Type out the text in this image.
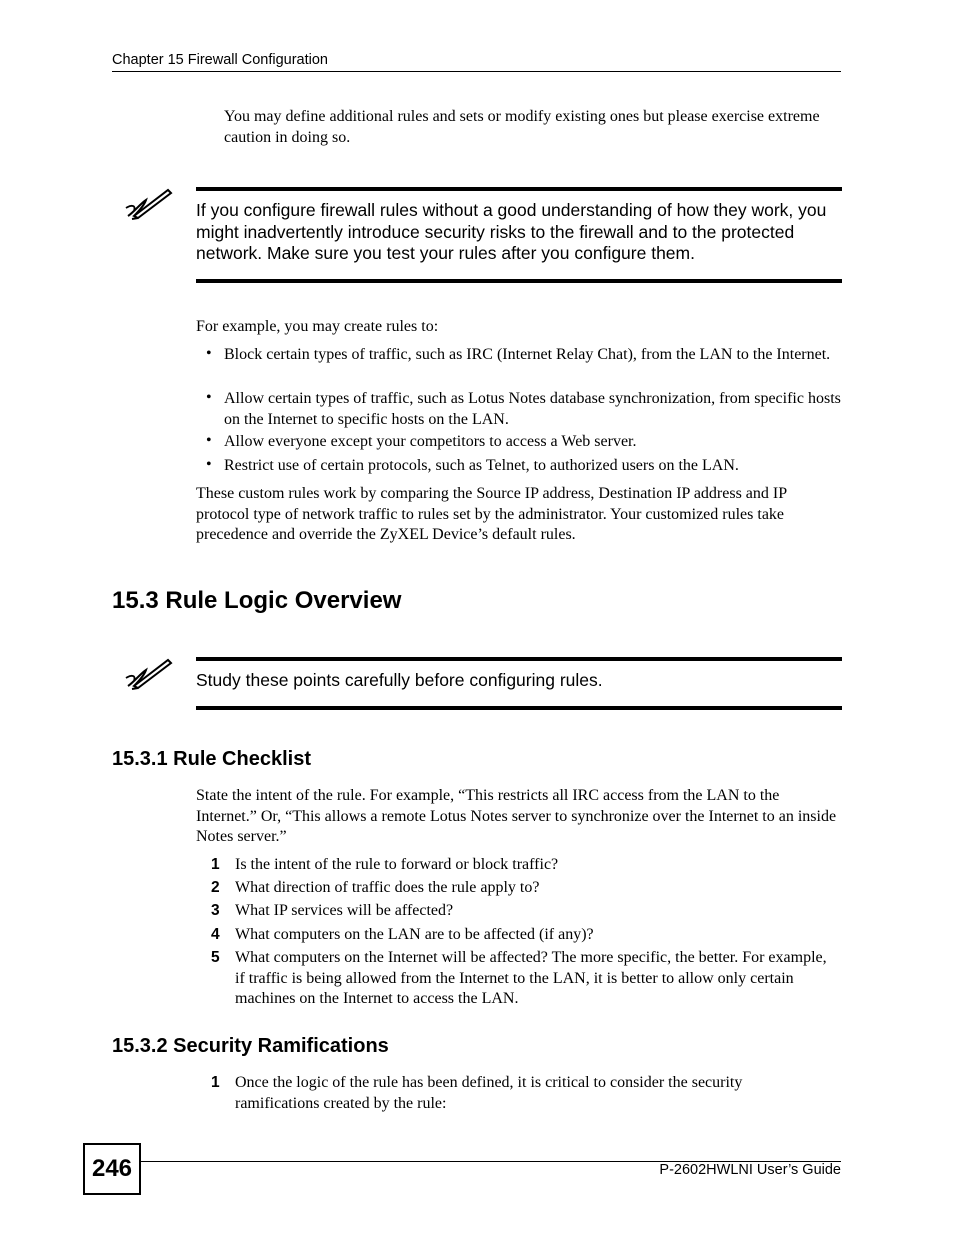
Chapter 15 Firewall Configuration
You may define additional rules and sets or modify existing ones but please exercise extreme caution in doing so.
If you configure firewall rules without a good understanding of how they work, you might inadvertently introduce security risks to the firewall and to the protected network. Make sure you test your rules after you configure them.
For example, you may create rules to:
• Block certain types of traffic, such as IRC (Internet Relay Chat), from the LAN to the Internet.
• Allow certain types of traffic, such as Lotus Notes database synchronization, from specific hosts on the Internet to specific hosts on the LAN.
• Allow everyone except your competitors to access a Web server.
• Restrict use of certain protocols, such as Telnet, to authorized users on the LAN.
These custom rules work by comparing the Source IP address, Destination IP address and IP protocol type of network traffic to rules set by the administrator. Your customized rules take precedence and override the ZyXEL Device’s default rules.
15.3 Rule Logic Overview
Study these points carefully before configuring rules.
15.3.1 Rule Checklist
State the intent of the rule. For example, “This restricts all IRC access from the LAN to the Internet.” Or, “This allows a remote Lotus Notes server to synchronize over the Internet to an inside Notes server.”
1 Is the intent of the rule to forward or block traffic?
2 What direction of traffic does the rule apply to?
3 What IP services will be affected?
4 What computers on the LAN are to be affected (if any)?
5 What computers on the Internet will be affected? The more specific, the better. For example, if traffic is being allowed from the Internet to the LAN, it is better to allow only certain machines on the Internet to access the LAN.
15.3.2 Security Ramifications
1 Once the logic of the rule has been defined, it is critical to consider the security ramifications created by the rule:
246	P-2602HWLNI User’s Guide
